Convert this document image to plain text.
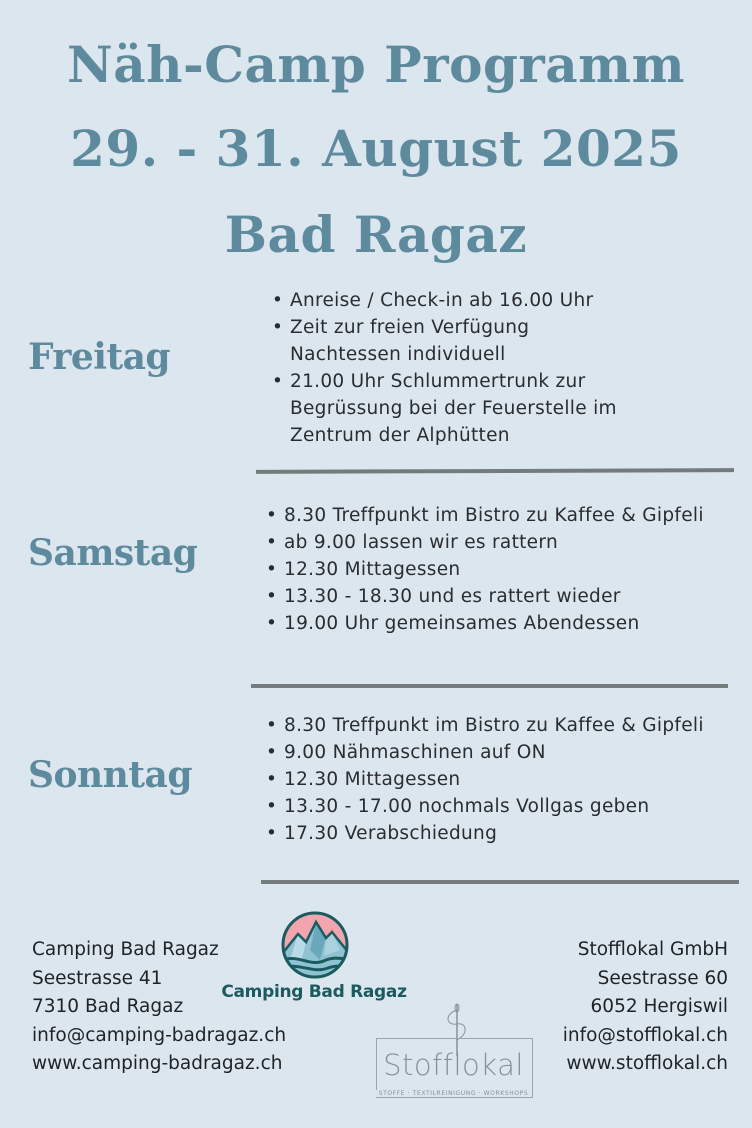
Näh-Camp Programm
29. - 31. August 2025
Bad Ragaz
Freitag
• Anreise / Check-in ab 16.00 Uhr
• Zeit zur freien Verfügung
Nachtessen individuell
• 21.00 Uhr Schlummertrunk zur
Begrüssung bei der Feuerstelle im
Zentrum der Alphütten
Samstag
• 8.30 Treffpunkt im Bistro zu Kaffee & Gipfeli
• ab 9.00 lassen wir es rattern
• 12.30 Mittagessen
• 13.30 - 18.30 und es rattert wieder
• 19.00 Uhr gemeinsames Abendessen
Sonntag
• 8.30 Treffpunkt im Bistro zu Kaffee & Gipfeli
• 9.00 Nähmaschinen auf ON
• 12.30 Mittagessen
• 13.30 - 17.00 nochmals Vollgas geben
• 17.30 Verabschiedung
Camping Bad Ragaz
Seestrasse 41
7310 Bad Ragaz
info@camping-badragaz.ch
www.camping-badragaz.ch
Camping Bad Ragaz
Stofflokal
STOFFE · TEXTILREINIGUNG · WORKSHOPS
Stofflokal GmbH
Seestrasse 60
6052 Hergiswil
info@stofflokal.ch
www.stofflokal.ch
